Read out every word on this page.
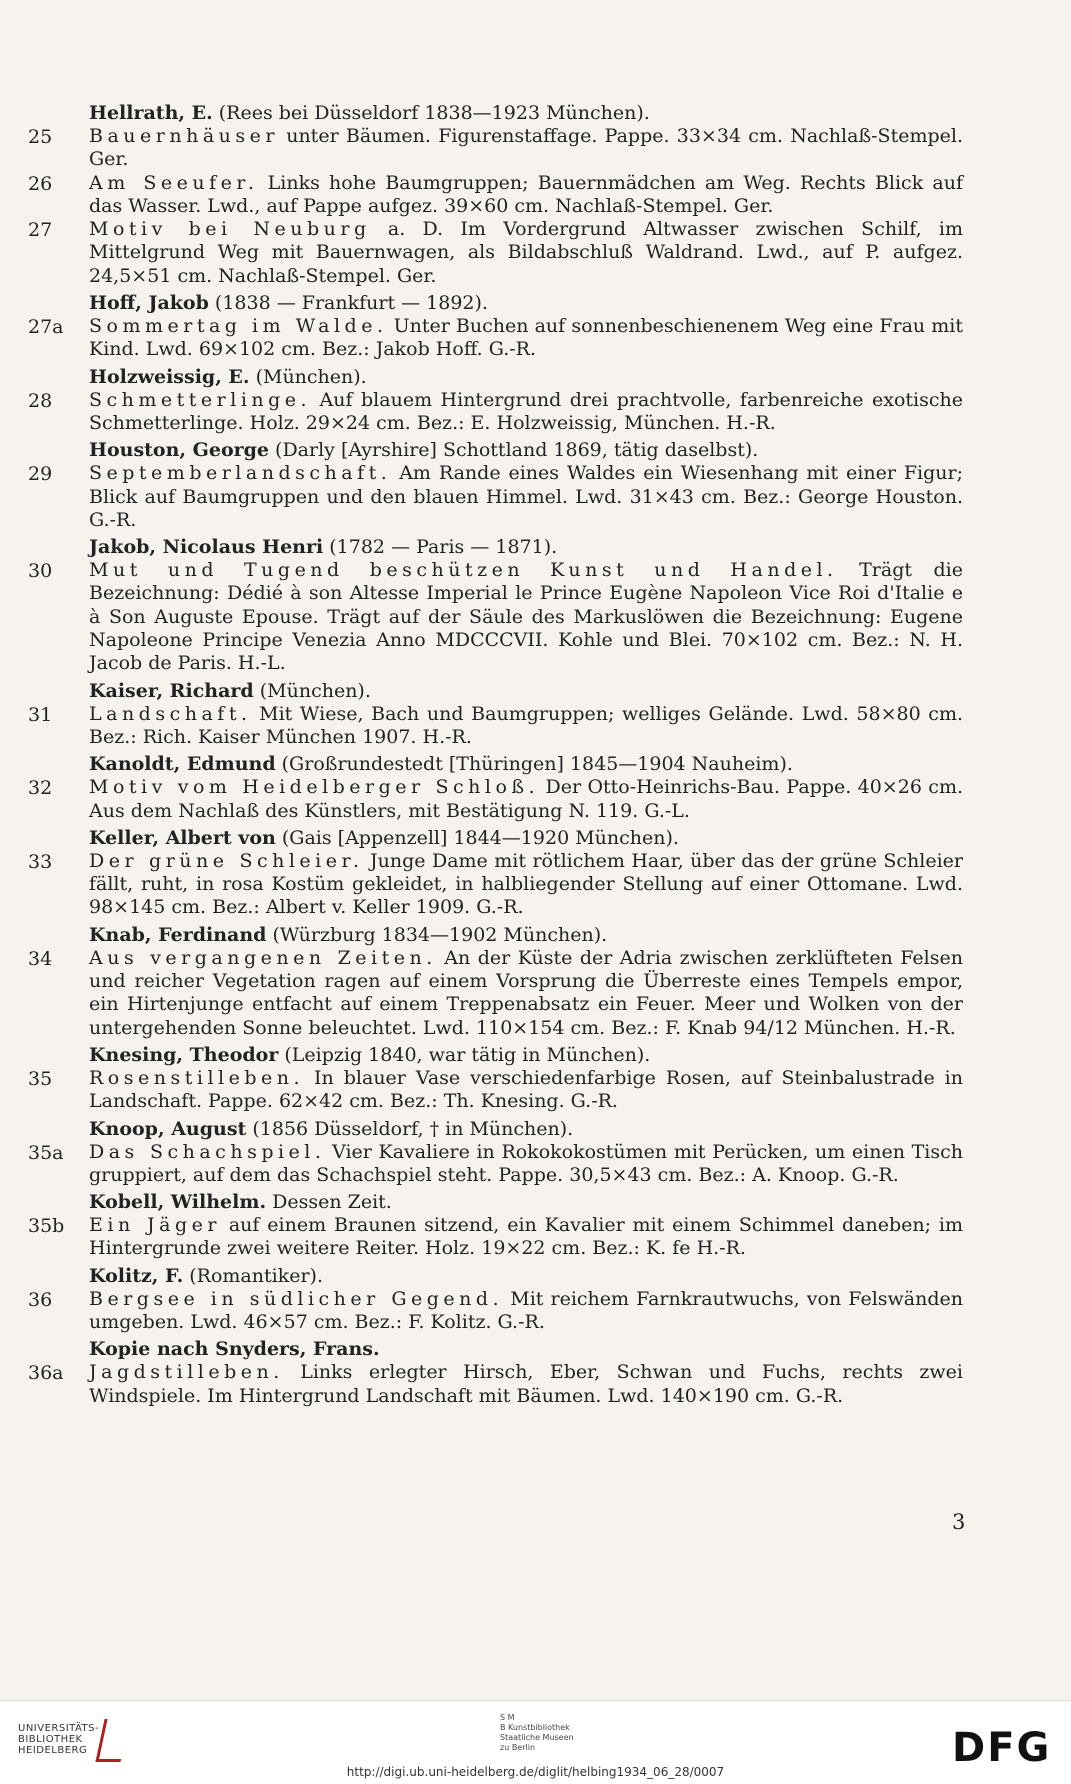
Hellrath, E. (Rees bei Düsseldorf 1838—1923 München).
25	Bauernhäuser unter Bäumen. Figurenstaffage. Pappe. 33×34 cm. Nachlaß-Stempel. Ger.
26	Am Seeufer. Links hohe Baumgruppen; Bauernmädchen am Weg. Rechts Blick auf das Wasser. Lwd., auf Pappe aufgez. 39×60 cm. Nachlaß-Stempel. Ger.
27	Motiv bei Neuburg a. D. Im Vordergrund Altwasser zwischen Schilf, im Mittelgrund Weg mit Bauernwagen, als Bildabschluß Waldrand. Lwd., auf P. aufgez. 24,5×51 cm. Nachlaß-Stempel. Ger.
Hoff, Jakob (1838 — Frankfurt — 1892).
27a	Sommertag im Walde. Unter Buchen auf sonnenbeschienenem Weg eine Frau mit Kind. Lwd. 69×102 cm. Bez.: Jakob Hoff. G.-R.
Holzweissig, E. (München).
28	Schmetterlinge. Auf blauem Hintergrund drei prachtvolle, farbenreiche exotische Schmetterlinge. Holz. 29×24 cm. Bez.: E. Holzweissig, München. H.-R.
Houston, George (Darly [Ayrshire] Schottland 1869, tätig daselbst).
29	Septemberlandschaft. Am Rande eines Waldes ein Wiesenhang mit einer Figur; Blick auf Baumgruppen und den blauen Himmel. Lwd. 31×43 cm. Bez.: George Houston. G.-R.
Jakob, Nicolaus Henri (1782 — Paris — 1871).
30	Mut und Tugend beschützen Kunst und Handel. Trägt die Bezeichnung: Dédié à son Altesse Imperial le Prince Eugène Napoleon Vice Roi d'Italie e à Son Auguste Epouse. Trägt auf der Säule des Markuslöwen die Bezeichnung: Eugene Napoleone Principe Venezia Anno MDCCCVII. Kohle und Blei. 70×102 cm. Bez.: N. H. Jacob de Paris. H.-L.
Kaiser, Richard (München).
31	Landschaft. Mit Wiese, Bach und Baumgruppen; welliges Gelände. Lwd. 58×80 cm. Bez.: Rich. Kaiser München 1907. H.-R.
Kanoldt, Edmund (Großrundestedt [Thüringen] 1845—1904 Nauheim).
32	Motiv vom Heidelberger Schloß. Der Otto-Heinrichs-Bau. Pappe. 40×26 cm. Aus dem Nachlaß des Künstlers, mit Bestätigung N. 119. G.-L.
Keller, Albert von (Gais [Appenzell] 1844—1920 München).
33	Der grüne Schleier. Junge Dame mit rötlichem Haar, über das der grüne Schleier fällt, ruht, in rosa Kostüm gekleidet, in halbliegender Stellung auf einer Ottomane. Lwd. 98×145 cm. Bez.: Albert v. Keller 1909. G.-R.
Knab, Ferdinand (Würzburg 1834—1902 München).
34	Aus vergangenen Zeiten. An der Küste der Adria zwischen zerklüfteten Felsen und reicher Vegetation ragen auf einem Vorsprung die Überreste eines Tempels empor, ein Hirtenjunge entfacht auf einem Treppenabsatz ein Feuer. Meer und Wolken von der untergehenden Sonne beleuchtet. Lwd. 110×154 cm. Bez.: F. Knab 94/12 München. H.-R.
Knesing, Theodor (Leipzig 1840, war tätig in München).
35	Rosenstilleben. In blauer Vase verschiedenfarbige Rosen, auf Steinbalustrade in Landschaft. Pappe. 62×42 cm. Bez.: Th. Knesing. G.-R.
Knoop, August (1856 Düsseldorf, † in München).
35a	Das Schachspiel. Vier Kavaliere in Rokokokostümen mit Perücken, um einen Tisch gruppiert, auf dem das Schachspiel steht. Pappe. 30,5×43 cm. Bez.: A. Knoop. G.-R.
Kobell, Wilhelm. Dessen Zeit.
35b	Ein Jäger auf einem Braunen sitzend, ein Kavalier mit einem Schimmel daneben; im Hintergrunde zwei weitere Reiter. Holz. 19×22 cm. Bez.: K. fe H.-R.
Kolitz, F. (Romantiker).
36	Bergsee in südlicher Gegend. Mit reichem Farnkrautwuchs, von Felswänden umgeben. Lwd. 46×57 cm. Bez.: F. Kolitz. G.-R.
Kopie nach Snyders, Frans.
36a	Jagdstilleben. Links erlegter Hirsch, Eber, Schwan und Fuchs, rechts zwei Windspiele. Im Hintergrund Landschaft mit Bäumen. Lwd. 140×190 cm. G.-R.
3
UNIVERSITÄTS-
BIBLIOTHEK
HEIDELBERG
S M
B Kunstbibliothek
Staatliche Museen
zu Berlin	DFG
http://digi.ub.uni-heidelberg.de/diglit/helbing1934_06_28/0007
